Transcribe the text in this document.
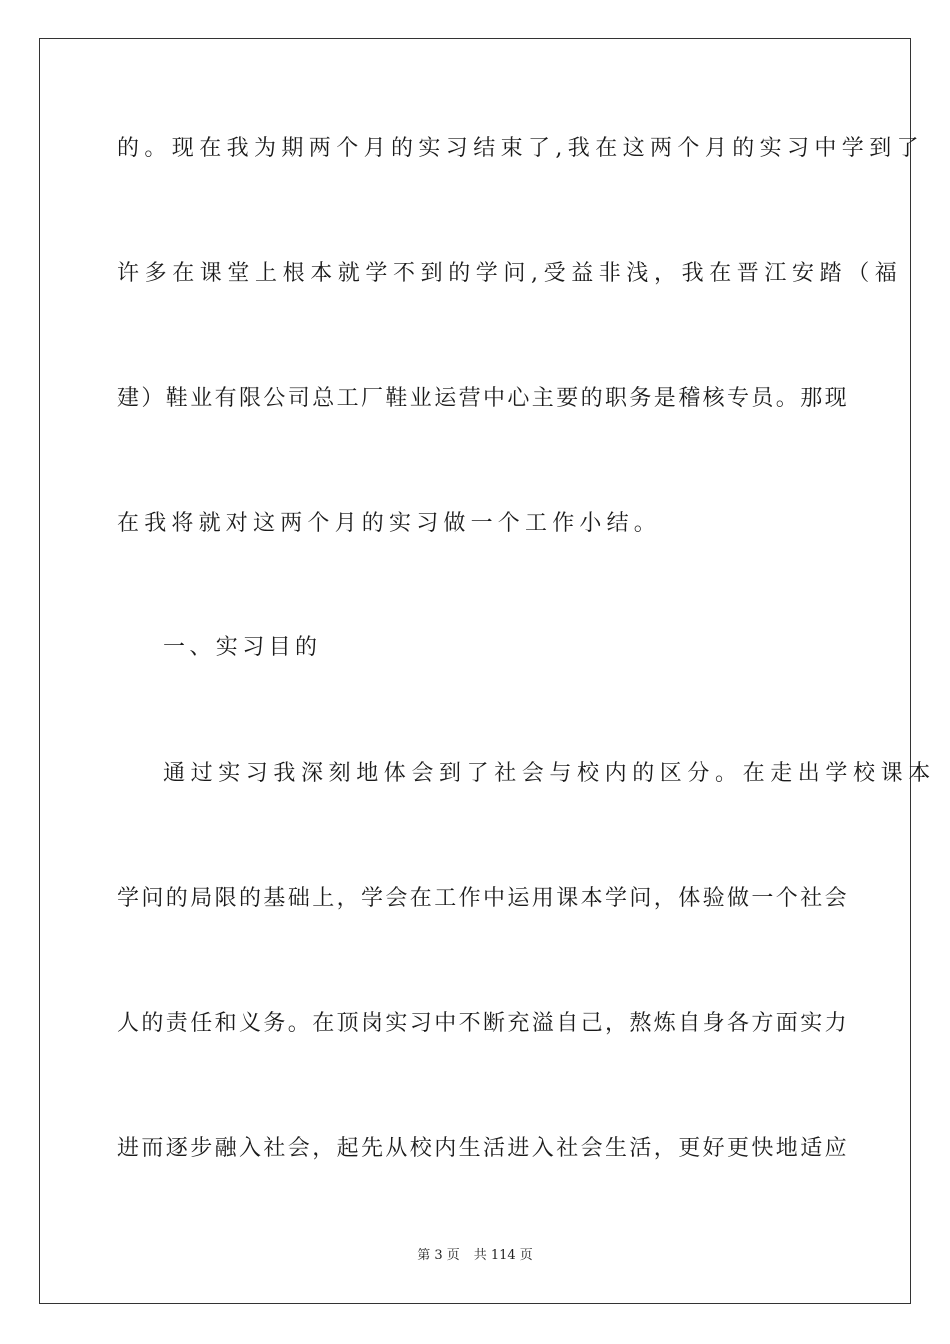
的。现在我为期两个月的实习结束了,我在这两个月的实习中学到了
许多在课堂上根本就学不到的学问,受益非浅，我在晋江安踏（福
建）鞋业有限公司总工厂鞋业运营中心主要的职务是稽核专员。那现
在我将就对这两个月的实习做一个工作小结。
一、实习目的
通过实习我深刻地体会到了社会与校内的区分。在走出学校课本
学问的局限的基础上，学会在工作中运用课本学问，体验做一个社会
人的责任和义务。在顶岗实习中不断充溢自己，熬炼自身各方面实力
进而逐步融入社会，起先从校内生活进入社会生活，更好更快地适应
第 3 页 共 114 页
